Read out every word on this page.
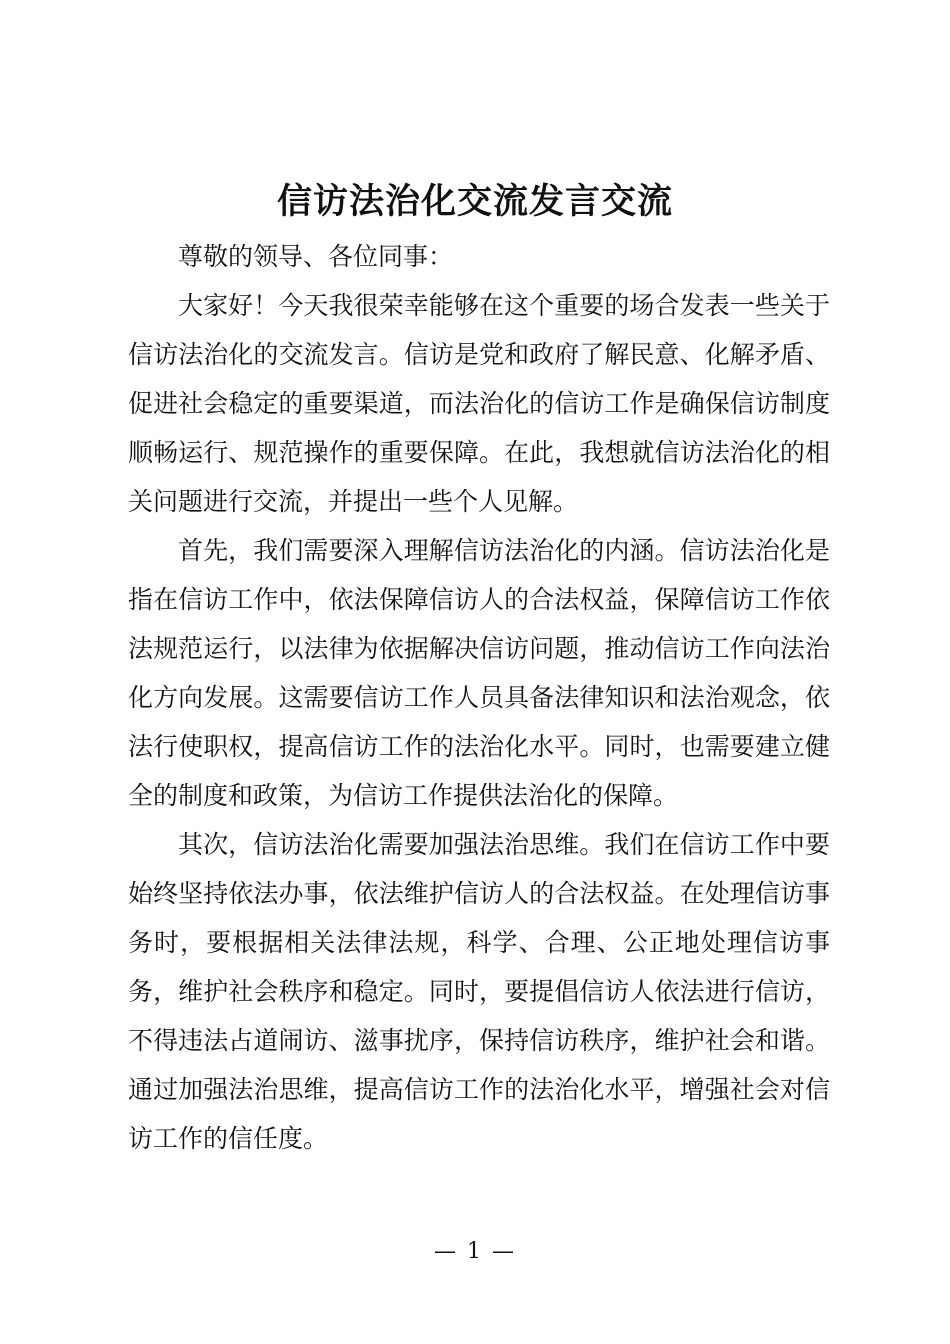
信访法治化交流发言交流

尊敬的领导、各位同事：

大家好！今天我很荣幸能够在这个重要的场合发表一些关于信访法治化的交流发言。信访是党和政府了解民意、化解矛盾、促进社会稳定的重要渠道，而法治化的信访工作是确保信访制度顺畅运行、规范操作的重要保障。在此，我想就信访法治化的相关问题进行交流，并提出一些个人见解。

首先，我们需要深入理解信访法治化的内涵。信访法治化是指在信访工作中，依法保障信访人的合法权益，保障信访工作依法规范运行，以法律为依据解决信访问题，推动信访工作向法治化方向发展。这需要信访工作人员具备法律知识和法治观念，依法行使职权，提高信访工作的法治化水平。同时，也需要建立健全的制度和政策，为信访工作提供法治化的保障。

其次，信访法治化需要加强法治思维。我们在信访工作中要始终坚持依法办事，依法维护信访人的合法权益。在处理信访事务时，要根据相关法律法规，科学、合理、公正地处理信访事务，维护社会秩序和稳定。同时，要提倡信访人依法进行信访，不得违法占道闹访、滋事扰序，保持信访秩序，维护社会和谐。通过加强法治思维，提高信访工作的法治化水平，增强社会对信访工作的信任度。

— 1 —
